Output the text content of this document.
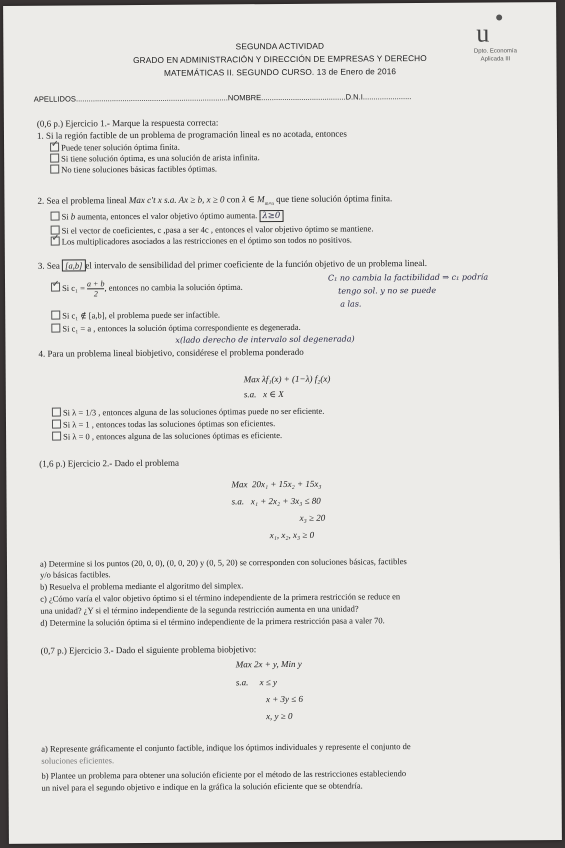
u
Dpto. Economía
Aplicada III
SEGUNDA ACTIVIDAD
GRADO EN ADMINISTRACIÓN Y DIRECCIÓN DE EMPRESAS Y DERECHO
MATEMÁTICAS II. SEGUNDO CURSO. 13 de Enero de 2016
APELLIDOS........................................................................NOMBRE........................................D.N.I.......................
(0,6 p.) Ejercicio 1.- Marque la respuesta correcta:
1. Si la región factible de un problema de programación lineal es no acotada, entonces
✓Puede tener solución óptima finita.
Si tiene solución óptima, es una solución de arista infinita.
No tiene soluciones básicas factibles óptimas.
2. Sea el problema lineal Max c't x s.a. Ax ≥ b, x ≥ 0 con λ ∈ $M_{m\times n}$ que tiene solución óptima finita.
Si b aumenta, entonces el valor objetivo óptimo aumenta. λ≥0
Si el vector de coeficientes, c ,pasa a ser 4c , entonces el valor objetivo óptimo se mantiene.
✓Los multiplicadores asociados a las restricciones en el óptimo son todos no positivos.
3. Sea [a,b] el intervalo de sensibilidad del primer coeficiente de la función objetivo de un problema lineal.
✓Si $c_1 = \frac{a + b}{2}$ , entonces no cambia la solución óptima.
C₁ no cambia la factibilidad ⇒ c₁ podría
tengo sol. y no se puede
a las.
Si c₁ ∉ [a,b], el problema puede ser infactible.
Si c₁ = a , entonces la solución óptima correspondiente es degenerada.
x(lado derecho de intervalo sol degenerada)
4. Para un problema lineal biobjetivo, considérese el problema ponderado
Max λf₁(x) + (1−λ) f₂(x)
s.a. x ∈ X
Si λ = 1/3 , entonces alguna de las soluciones óptimas puede no ser eficiente.
Si λ = 1 , entonces todas las soluciones óptimas son eficientes.
Si λ = 0 , entonces alguna de las soluciones óptimas es eficiente.
(1,6 p.) Ejercicio 2.- Dado el problema
Max 20x₁ + 15x₂ + 15x₃
s.a. x₁ + 2x₂ + 3x₃ ≤ 80
x₃ ≥ 20
x₁, x₂, x₃ ≥ 0
a) Determine si los puntos (20, 0, 0), (0, 0, 20) y (0, 5, 20) se corresponden con soluciones básicas, factibles
y/o básicas factibles.
b) Resuelva el problema mediante el algoritmo del simplex.
c) ¿Cómo varía el valor objetivo óptimo si el término independiente de la primera restricción se reduce en
una unidad? ¿Y si el término independiente de la segunda restricción aumenta en una unidad?
d) Determine la solución óptima si el término independiente de la primera restricción pasa a valer 70.
(0,7 p.) Ejercicio 3.- Dado el siguiente problema biobjetivo:
Max 2x + y, Min y
s.a. x ≤ y
x + 3y ≤ 6
x, y ≥ 0
a) Represente gráficamente el conjunto factible, indique los óptimos individuales y represente el conjunto de
soluciones eficientes.
b) Plantee un problema para obtener una solución eficiente por el método de las restricciones estableciendo
un nivel para el segundo objetivo e indique en la gráfica la solución eficiente que se obtendría.
